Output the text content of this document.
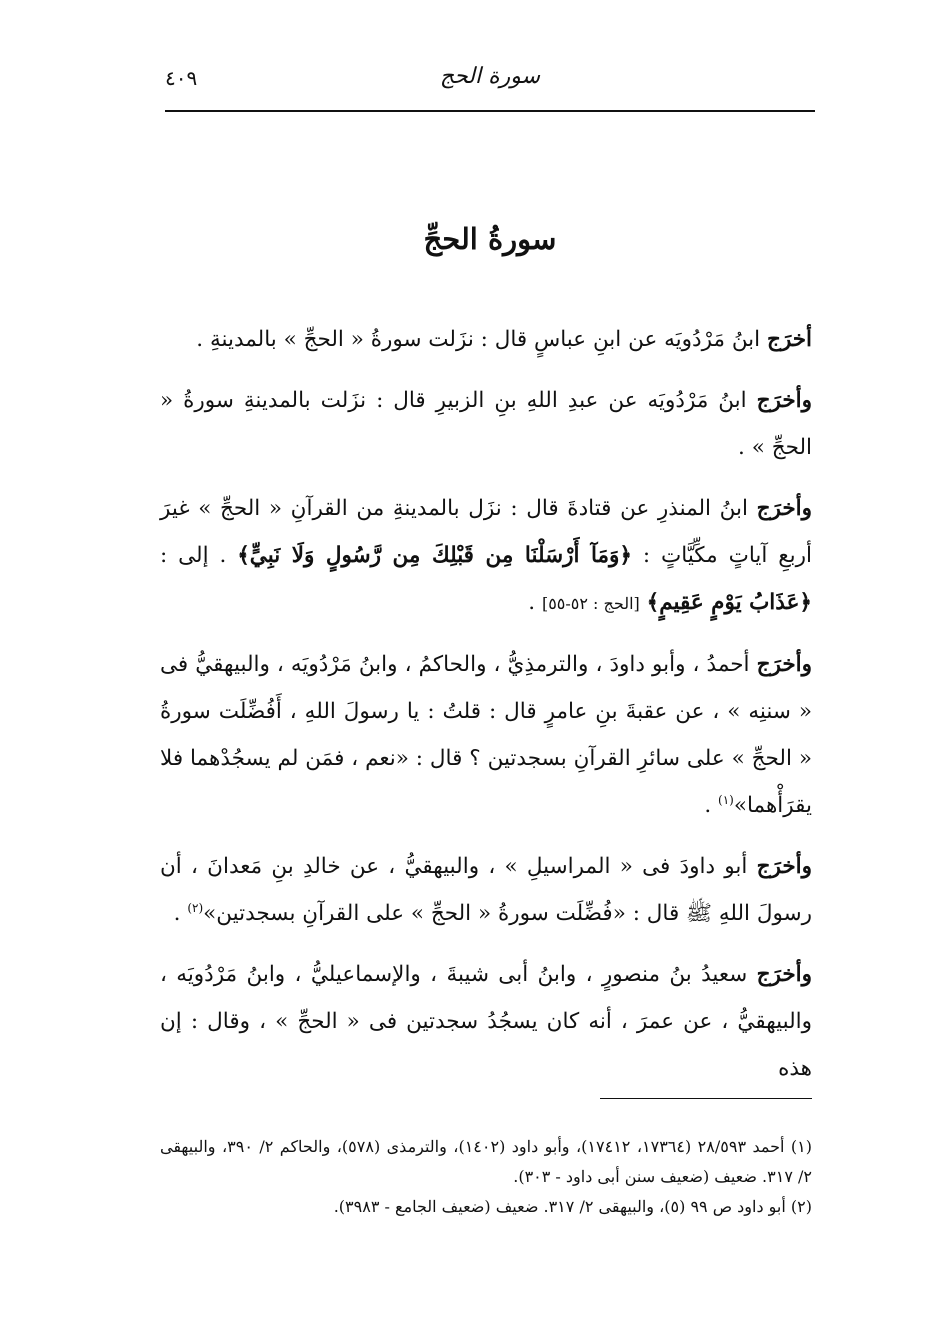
سورة الحج
٤٠٩
سورةُ الحجِّ

أخرَج ابنُ مَرْدُويَه عن ابنِ عباسٍ قال : نزَلت سورةُ « الحجِّ » بالمدينةِ .

وأخرَج ابنُ مَرْدُويَه عن عبدِ اللهِ بنِ الزبيرِ قال : نزَلت بالمدينةِ سورةُ « الحجِّ » .

وأخرَج ابنُ المنذرِ عن قتادةَ قال : نزَل بالمدينةِ من القرآنِ « الحجِّ » غيرَ أربعِ آياتٍ مكِّيَّاتٍ : ﴿وَمَآ أَرْسَلْنَا مِن قَبْلِكَ مِن رَّسُولٍ وَلَا نَبِيٍّ﴾ . إلى : ﴿عَذَابُ يَوْمٍ عَقِيمٍ﴾ [الحج : ٥٢-٥٥] .

وأخرَج أحمدُ ، وأبو داودَ ، والترمذِيُّ ، والحاكمُ ، وابنُ مَرْدُويَه ، والبيهقيُّ فى « سننِه » ، عن عقبةَ بنِ عامرٍ قال : قلتُ : يا رسولَ اللهِ ، أَفُضِّلَت سورةُ « الحجِّ » على سائرِ القرآنِ بسجدتين ؟ قال : «نعم ، فمَن لم يسجُدْهما فلا يقرَأْهما»$^{(١)}$ .

وأخرَج أبو داودَ فى « المراسيلِ » ، والبيهقيُّ ، عن خالدِ بنِ مَعدانَ ، أن رسولَ اللهِ ﷺ قال : «فُضِّلَت سورةُ « الحجِّ » على القرآنِ بسجدتين»$^{(٢)}$ .

وأخرَج سعيدُ بنُ منصورٍ ، وابنُ أبى شيبةَ ، والإسماعيليُّ ، وابنُ مَرْدُويَه ، والبيهقيُّ ، عن عمرَ ، أنه كان يسجُدُ سجدتين فى « الحجِّ » ، وقال : إن هذه

(١) أحمد ٢٨/٥٩٣ (١٧٣٦٤، ١٧٤١٢)، وأبو داود (١٤٠٢)، والترمذى (٥٧٨)، والحاكم ٢/ ٣٩٠، والبيهقى ٢/ ٣١٧. ضعيف (ضعيف سنن أبى داود - ٣٠٣).

(٢) أبو داود ص ٩٩ (٥)، والبيهقى ٢/ ٣١٧. ضعيف (ضعيف الجامع - ٣٩٨٣).
